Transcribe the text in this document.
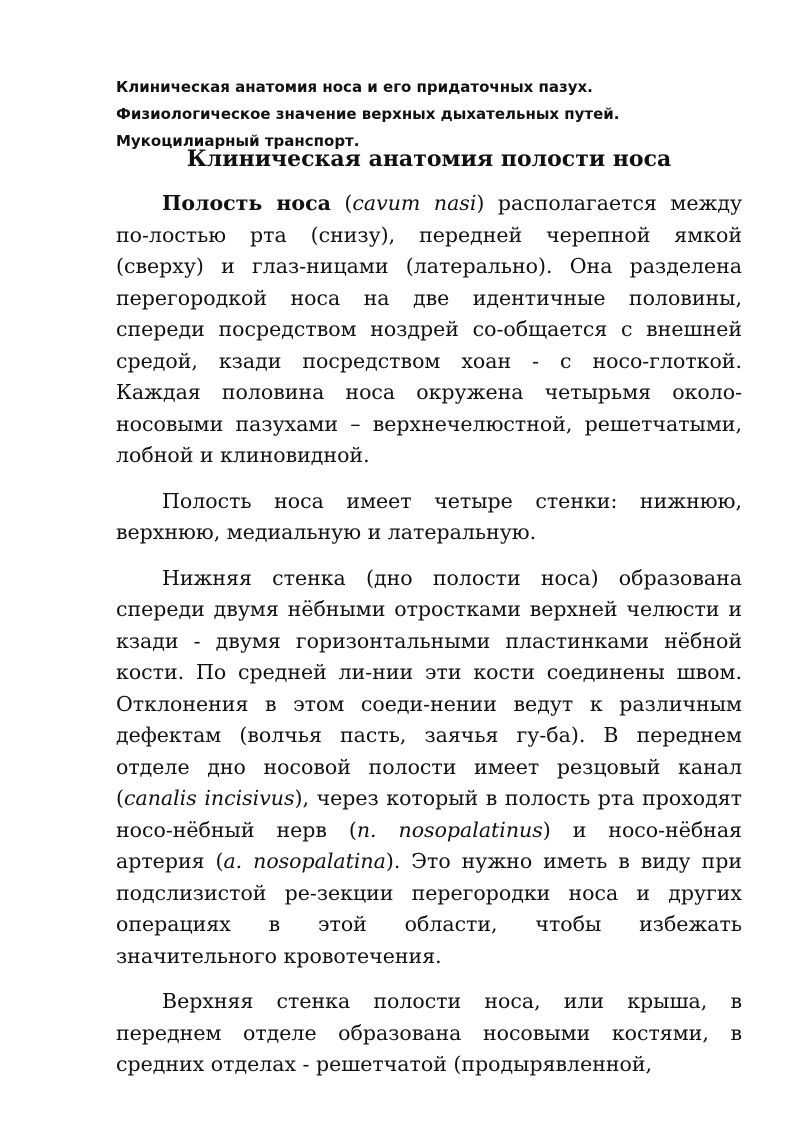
Клиническая анатомия носа и его придаточных пазух. Физиологическое значение верхных дыхательных путей. Мукоцилиарный транспорт.
Клиническая анатомия полости носа

Полость носа (cavum nasi) располагается между по-лостью рта (снизу), передней черепной ямкой (сверху) и глаз-ницами (латерально). Она разделена перегородкой носа на две идентичные половины, спереди посредством ноздрей со-общается с внешней средой, кзади посредством хоан - с носо-глоткой. Каждая половина носа окружена четырьмя около-носовыми пазухами – верхнечелюстной, решетчатыми, лобной и клиновидной.

Полость носа имеет четыре стенки: нижнюю, верхнюю, медиальную и латеральную.

Нижняя стенка (дно полости носа) образована спереди двумя нёбными отростками верхней челюсти и кзади - двумя горизонтальными пластинками нёбной кости. По средней ли-нии эти кости соединены швом. Отклонения в этом соеди-нении ведут к различным дефектам (волчья пасть, заячья гу-ба). В переднем отделе дно носовой полости имеет резцовый канал (canalis incisivus), через который в полость рта проходят носо-нёбный нерв (n. nosopalatinus) и носо-нёбная артерия (a. nosopalatina). Это нужно иметь в виду при подслизистой ре-зекции перегородки носа и других операциях в этой области, чтобы избежать значительного кровотечения.

Верхняя стенка полости носа, или крыша, в переднем отделе образована носовыми костями, в средних отделах - решетчатой (продырявленной,
